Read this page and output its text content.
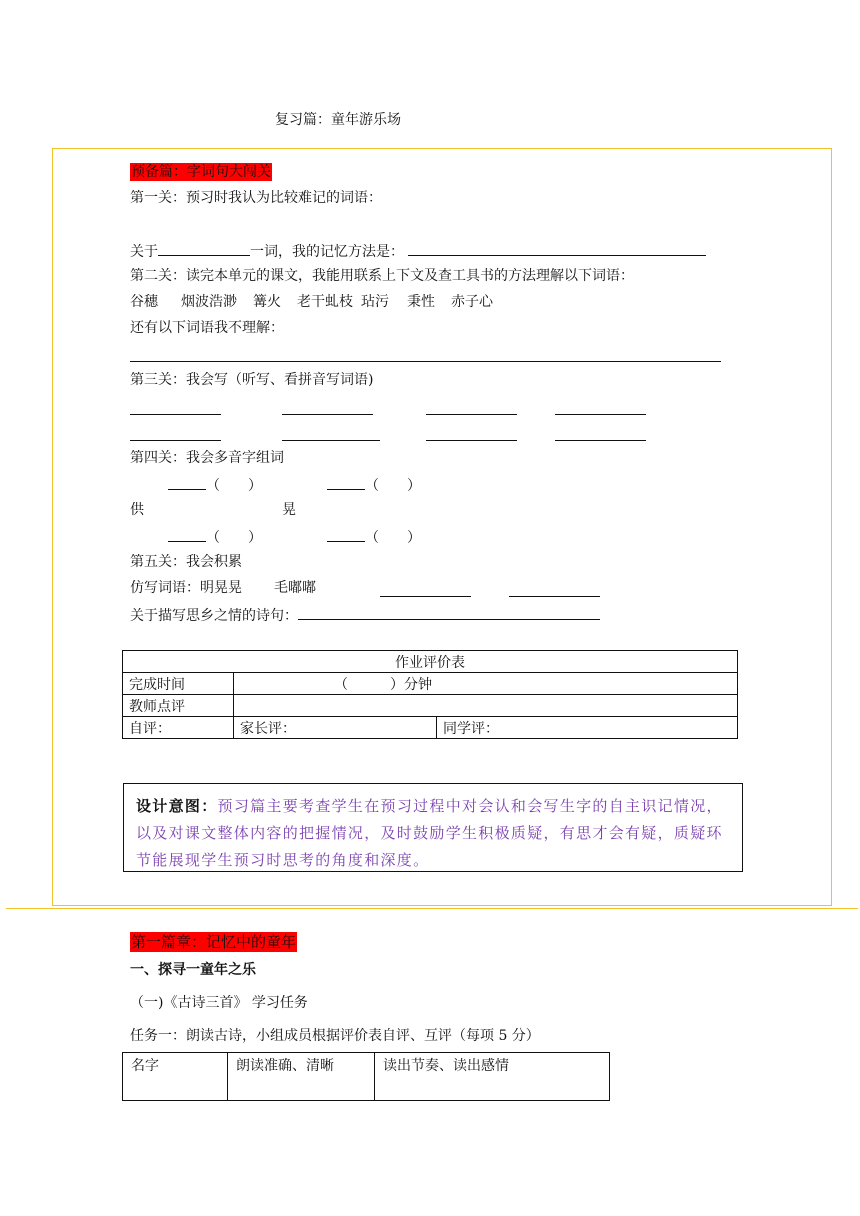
复习篇：童年游乐场
预备篇：字词句大闯关
第一关：预习时我认为比较难记的词语：
关于	一词，我的记忆方法是：
第二关：读完本单元的课文，我能用联系上下文及查工具书的方法理解以下词语：
谷穗 烟波浩渺 篝火 老干虬枝 玷污 秉性 赤子心
还有以下词语我不理解：
第三关：我会写（听写、看拼音写词语)
第四关：我会多音字组词
（　　）	（　　）
供	晃
（　　）	（　　）
第五关：我会积累
仿写词语：明晃晃 毛嘟嘟
关于描写思乡之情的诗句：
作业评价表		
完成时间	（　　　）分钟	
教师点评		
自评：	家长评：	同学评：
设计意图：预习篇主要考查学生在预习过程中对会认和会写生字的自主识记情况，以及对课文整体内容的把握情况，及时鼓励学生积极质疑，有思才会有疑，质疑环节能展现学生预习时思考的角度和深度。
第一篇章：记忆中的童年
一、探寻一童年之乐
（一)《古诗三首》 学习任务
任务一：朗读古诗，小组成员根据评价表自评、互评（每项 5 分）
名字	朗读准确、清晰	读出节奏、读出感情
